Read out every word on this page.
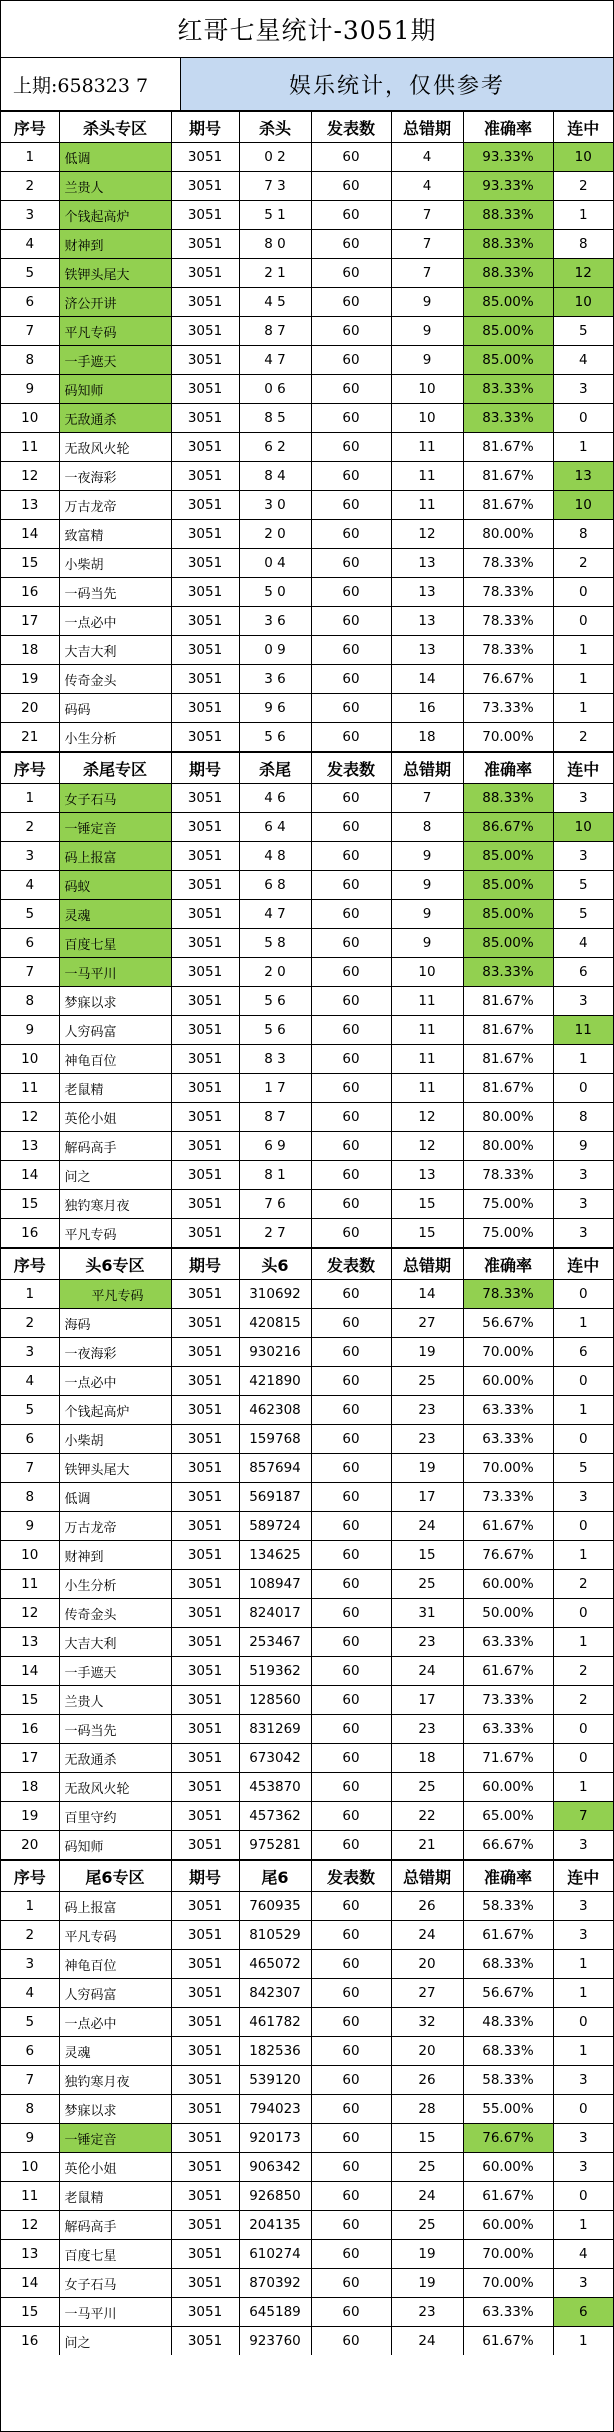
红哥七星统计-3051期
上期:658323 7	娱乐统计，仅供参考
序号	杀头专区	期号	杀头	发表数	总错期	准确率	连中
1	低调	3051	0 2	60	4	93.33%	10
2	兰贵人	3051	7 3	60	4	93.33%	2
3	个钱起高炉	3051	5 1	60	7	88.33%	1
4	财神到	3051	8 0	60	7	88.33%	8
5	铁钾头尾大	3051	2 1	60	7	88.33%	12
6	济公开讲	3051	4 5	60	9	85.00%	10
7	平凡专码	3051	8 7	60	9	85.00%	5
8	一手遮天	3051	4 7	60	9	85.00%	4
9	码知师	3051	0 6	60	10	83.33%	3
10	无敌通杀	3051	8 5	60	10	83.33%	0
11	无敌风火轮	3051	6 2	60	11	81.67%	1
12	一夜海彩	3051	8 4	60	11	81.67%	13
13	万古龙帝	3051	3 0	60	11	81.67%	10
14	致富精	3051	2 0	60	12	80.00%	8
15	小柴胡	3051	0 4	60	13	78.33%	2
16	一码当先	3051	5 0	60	13	78.33%	0
17	一点必中	3051	3 6	60	13	78.33%	0
18	大吉大利	3051	0 9	60	13	78.33%	1
19	传奇金头	3051	3 6	60	14	76.67%	1
20	码码	3051	9 6	60	16	73.33%	1
21	小生分析	3051	5 6	60	18	70.00%	2
序号	杀尾专区	期号	杀尾	发表数	总错期	准确率	连中
1	女子石马	3051	4 6	60	7	88.33%	3
2	一锤定音	3051	6 4	60	8	86.67%	10
3	码上报富	3051	4 8	60	9	85.00%	3
4	码蚁	3051	6 8	60	9	85.00%	5
5	灵魂	3051	4 7	60	9	85.00%	5
6	百度七星	3051	5 8	60	9	85.00%	4
7	一马平川	3051	2 0	60	10	83.33%	6
8	梦寐以求	3051	5 6	60	11	81.67%	3
9	人穷码富	3051	5 6	60	11	81.67%	11
10	神龟百位	3051	8 3	60	11	81.67%	1
11	老鼠精	3051	1 7	60	11	81.67%	0
12	英伦小姐	3051	8 7	60	12	80.00%	8
13	解码高手	3051	6 9	60	12	80.00%	9
14	问之	3051	8 1	60	13	78.33%	3
15	独钓寒月夜	3051	7 6	60	15	75.00%	3
16	平凡专码	3051	2 7	60	15	75.00%	3
序号	头6专区	期号	头6	发表数	总错期	准确率	连中
1	平凡专码	3051	310692	60	14	78.33%	0
2	海码	3051	420815	60	27	56.67%	1
3	一夜海彩	3051	930216	60	19	70.00%	6
4	一点必中	3051	421890	60	25	60.00%	0
5	个钱起高炉	3051	462308	60	23	63.33%	1
6	小柴胡	3051	159768	60	23	63.33%	0
7	铁钾头尾大	3051	857694	60	19	70.00%	5
8	低调	3051	569187	60	17	73.33%	3
9	万古龙帝	3051	589724	60	24	61.67%	0
10	财神到	3051	134625	60	15	76.67%	1
11	小生分析	3051	108947	60	25	60.00%	2
12	传奇金头	3051	824017	60	31	50.00%	0
13	大吉大利	3051	253467	60	23	63.33%	1
14	一手遮天	3051	519362	60	24	61.67%	2
15	兰贵人	3051	128560	60	17	73.33%	2
16	一码当先	3051	831269	60	23	63.33%	0
17	无敌通杀	3051	673042	60	18	71.67%	0
18	无敌风火轮	3051	453870	60	25	60.00%	1
19	百里守约	3051	457362	60	22	65.00%	7
20	码知师	3051	975281	60	21	66.67%	3
序号	尾6专区	期号	尾6	发表数	总错期	准确率	连中
1	码上报富	3051	760935	60	26	58.33%	3
2	平凡专码	3051	810529	60	24	61.67%	3
3	神龟百位	3051	465072	60	20	68.33%	1
4	人穷码富	3051	842307	60	27	56.67%	1
5	一点必中	3051	461782	60	32	48.33%	0
6	灵魂	3051	182536	60	20	68.33%	1
7	独钓寒月夜	3051	539120	60	26	58.33%	3
8	梦寐以求	3051	794023	60	28	55.00%	0
9	一锤定音	3051	920173	60	15	76.67%	3
10	英伦小姐	3051	906342	60	25	60.00%	3
11	老鼠精	3051	926850	60	24	61.67%	0
12	解码高手	3051	204135	60	25	60.00%	1
13	百度七星	3051	610274	60	19	70.00%	4
14	女子石马	3051	870392	60	19	70.00%	3
15	一马平川	3051	645189	60	23	63.33%	6
16	问之	3051	923760	60	24	61.67%	1
